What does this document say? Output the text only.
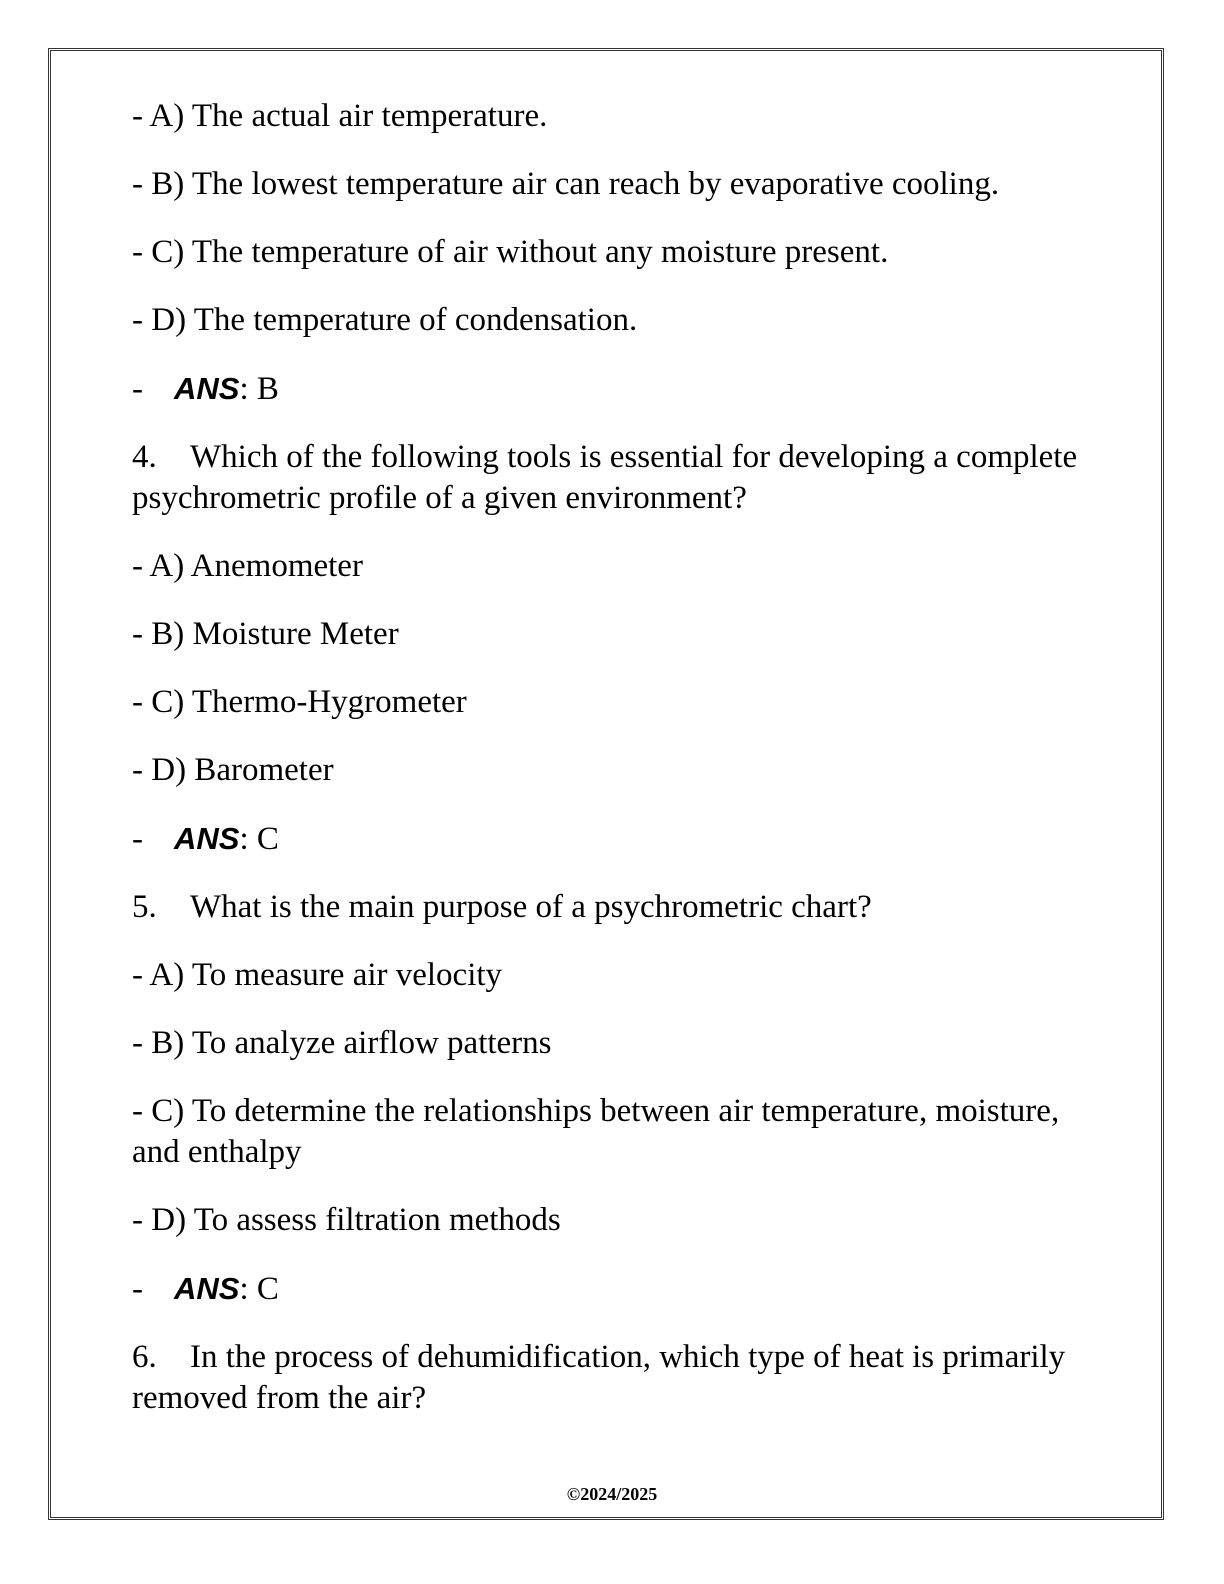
- A) The actual air temperature.

- B) The lowest temperature air can reach by evaporative cooling.

- C) The temperature of air without any moisture present.

- D) The temperature of condensation.

- ANS: B

4. Which of the following tools is essential for developing a complete psychrometric profile of a given environment?

- A) Anemometer

- B) Moisture Meter

- C) Thermo-Hygrometer

- D) Barometer

- ANS: C

5. What is the main purpose of a psychrometric chart?

- A) To measure air velocity

- B) To analyze airflow patterns

- C) To determine the relationships between air temperature, moisture, and enthalpy

- D) To assess filtration methods

- ANS: C

6. In the process of dehumidification, which type of heat is primarily removed from the air?

©2024/2025
